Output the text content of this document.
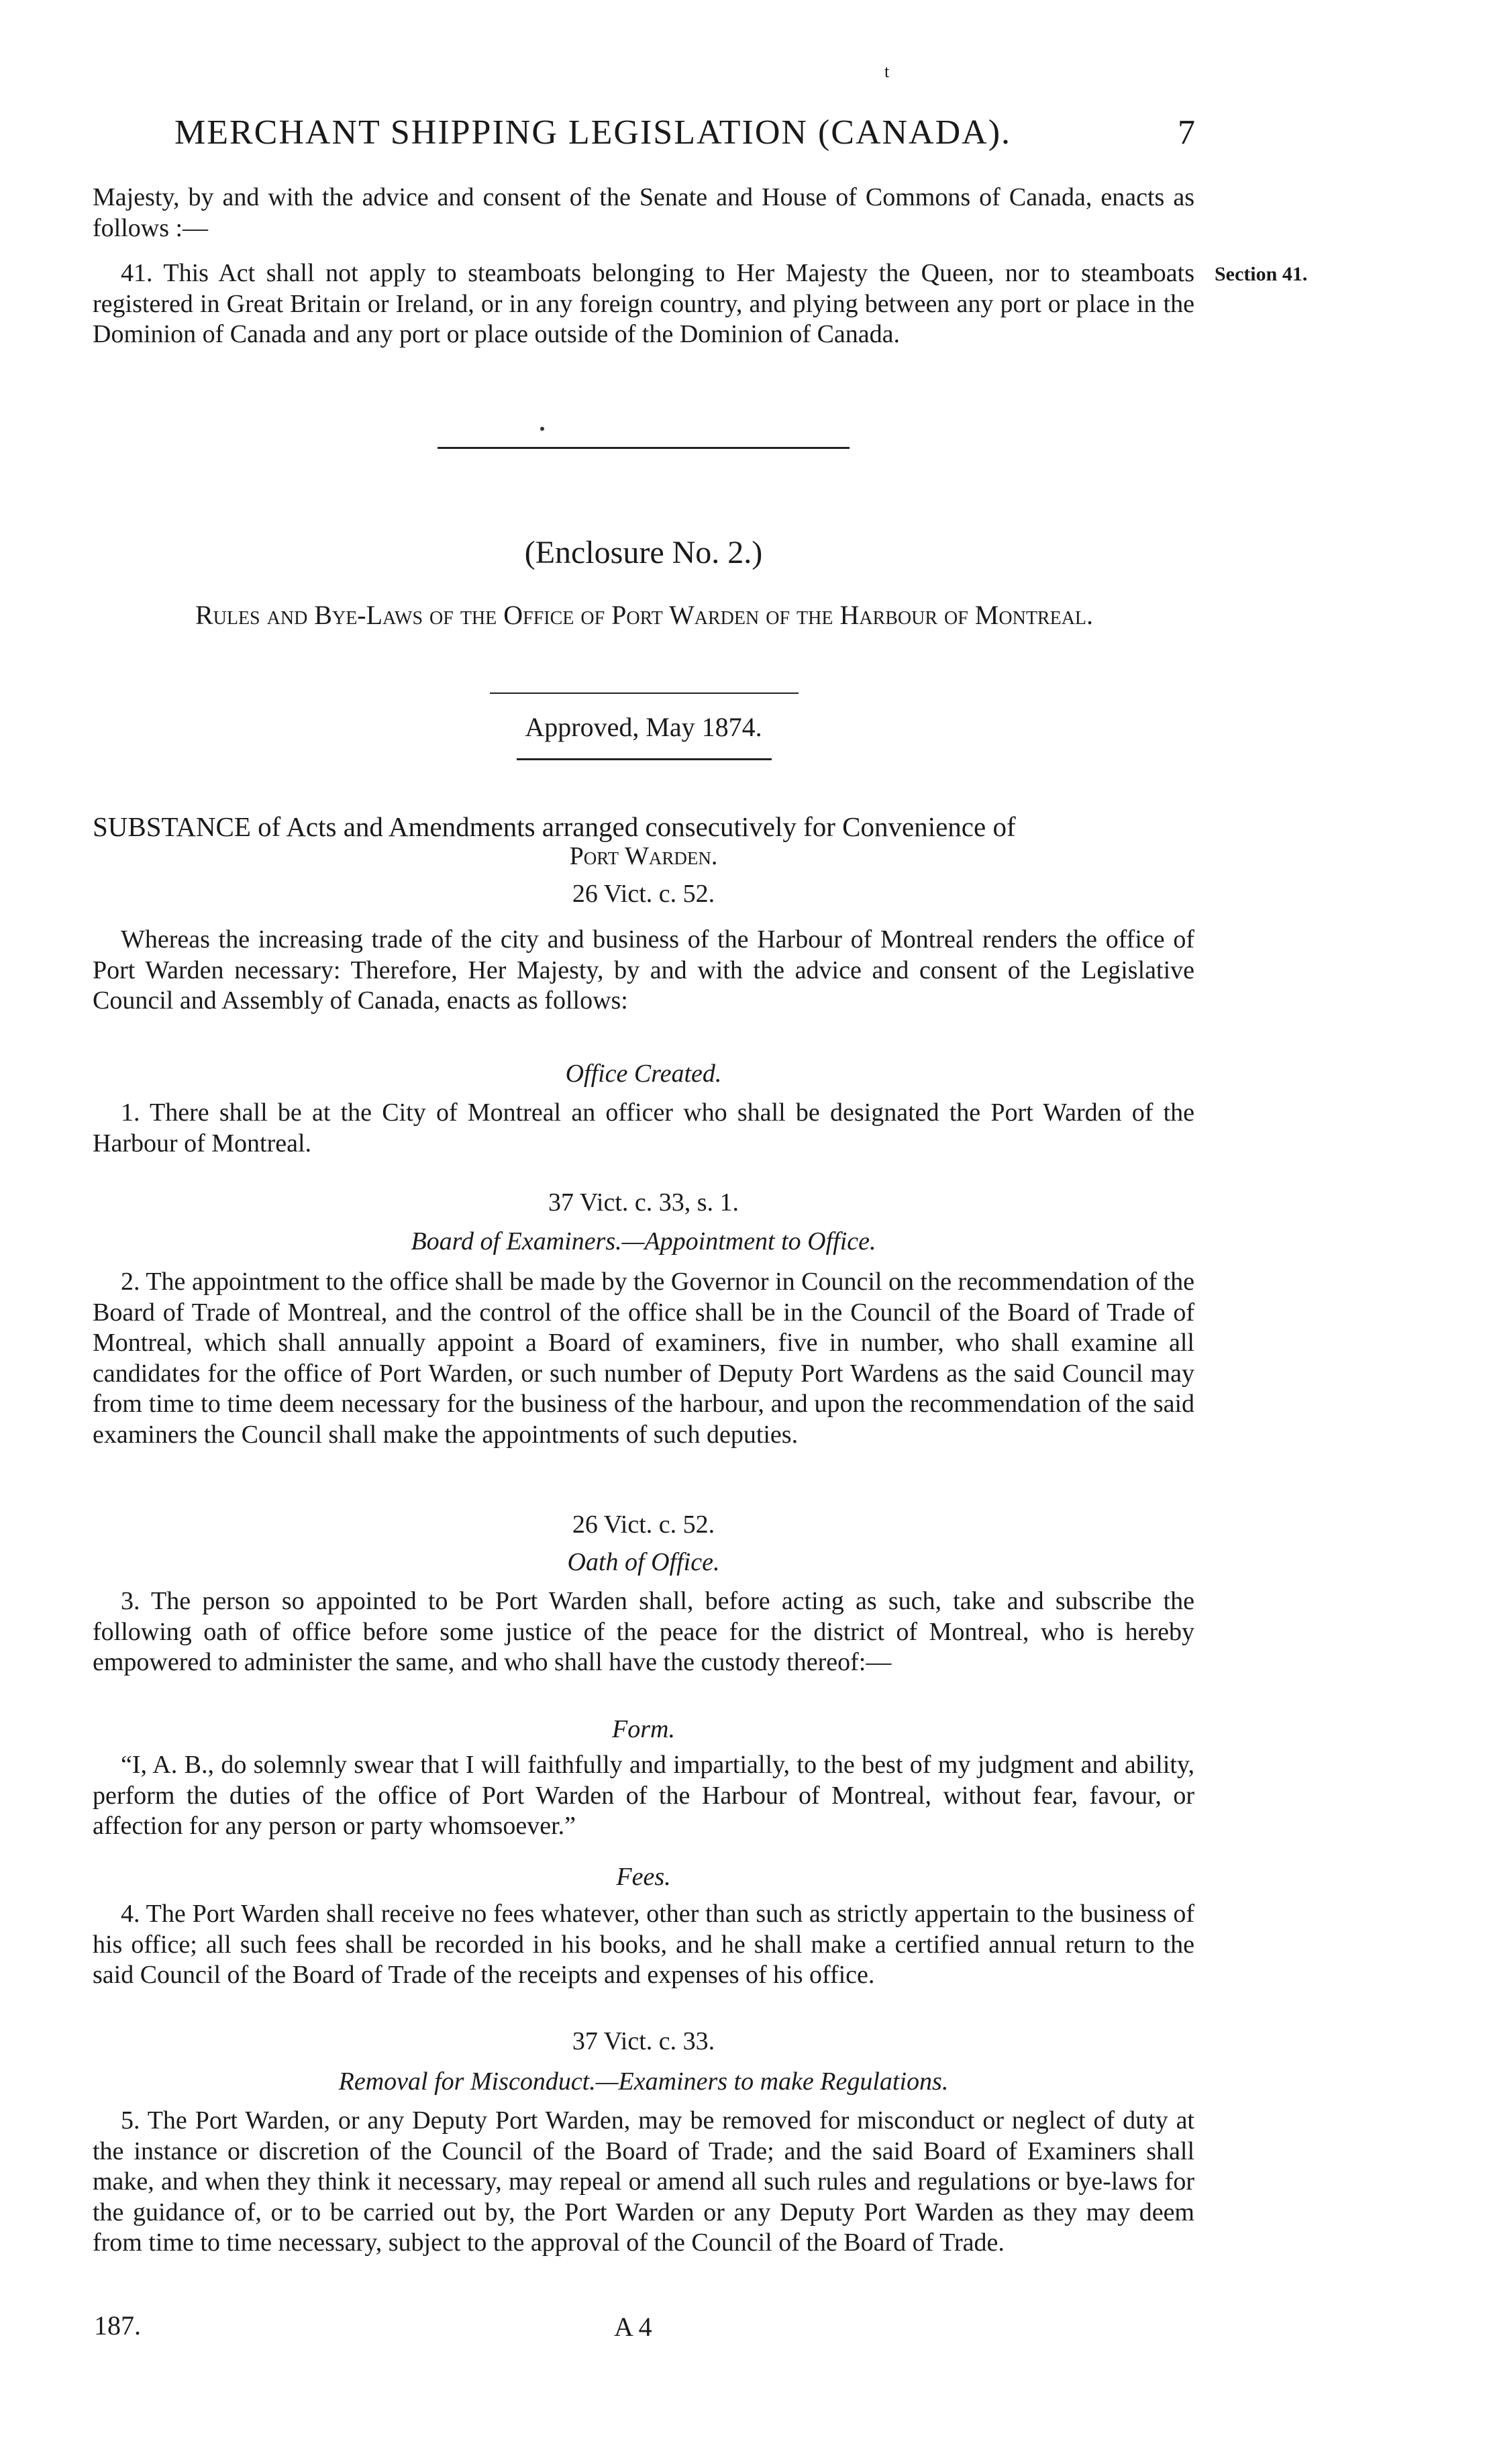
t
MERCHANT SHIPPING LEGISLATION (CANADA).	7
Majesty, by and with the advice and consent of the Senate and House of Commons of Canada, enacts as follows :—
41. This Act shall not apply to steamboats belonging to Her Majesty the Queen, nor to steamboats registered in Great Britain or Ireland, or in any foreign country, and plying between any port or place in the Dominion of Canada and any port or place outside of the Dominion of Canada.
Section 41.
(Enclosure No. 2.)
Rules and Bye-Laws of the Office of Port Warden of the Harbour of Montreal.
Approved, May 1874.
SUBSTANCE of Acts and Amendments arranged consecutively for Convenience of
Port Warden.
26 Vict. c. 52.
Whereas the increasing trade of the city and business of the Harbour of Montreal renders the office of Port Warden necessary: Therefore, Her Majesty, by and with the advice and consent of the Legislative Council and Assembly of Canada, enacts as follows:
Office Created.
1. There shall be at the City of Montreal an officer who shall be designated the Port Warden of the Harbour of Montreal.
37 Vict. c. 33, s. 1.
Board of Examiners.—Appointment to Office.
2. The appointment to the office shall be made by the Governor in Council on the recommendation of the Board of Trade of Montreal, and the control of the office shall be in the Council of the Board of Trade of Montreal, which shall annually appoint a Board of examiners, five in number, who shall examine all candidates for the office of Port Warden, or such number of Deputy Port Wardens as the said Council may from time to time deem necessary for the business of the harbour, and upon the recommendation of the said examiners the Council shall make the appointments of such deputies.
26 Vict. c. 52.
Oath of Office.
3. The person so appointed to be Port Warden shall, before acting as such, take and subscribe the following oath of office before some justice of the peace for the district of Montreal, who is hereby empowered to administer the same, and who shall have the custody thereof:—
Form.
“I, A. B., do solemnly swear that I will faithfully and impartially, to the best of my judgment and ability, perform the duties of the office of Port Warden of the Harbour of Montreal, without fear, favour, or affection for any person or party whomsoever.”
Fees.
4. The Port Warden shall receive no fees whatever, other than such as strictly appertain to the business of his office; all such fees shall be recorded in his books, and he shall make a certified annual return to the said Council of the Board of Trade of the receipts and expenses of his office.
37 Vict. c. 33.
Removal for Misconduct.—Examiners to make Regulations.
5. The Port Warden, or any Deputy Port Warden, may be removed for misconduct or neglect of duty at the instance or discretion of the Council of the Board of Trade; and the said Board of Examiners shall make, and when they think it necessary, may repeal or amend all such rules and regulations or bye-laws for the guidance of, or to be carried out by, the Port Warden or any Deputy Port Warden as they may deem from time to time necessary, subject to the approval of the Council of the Board of Trade.
187.	A 4
